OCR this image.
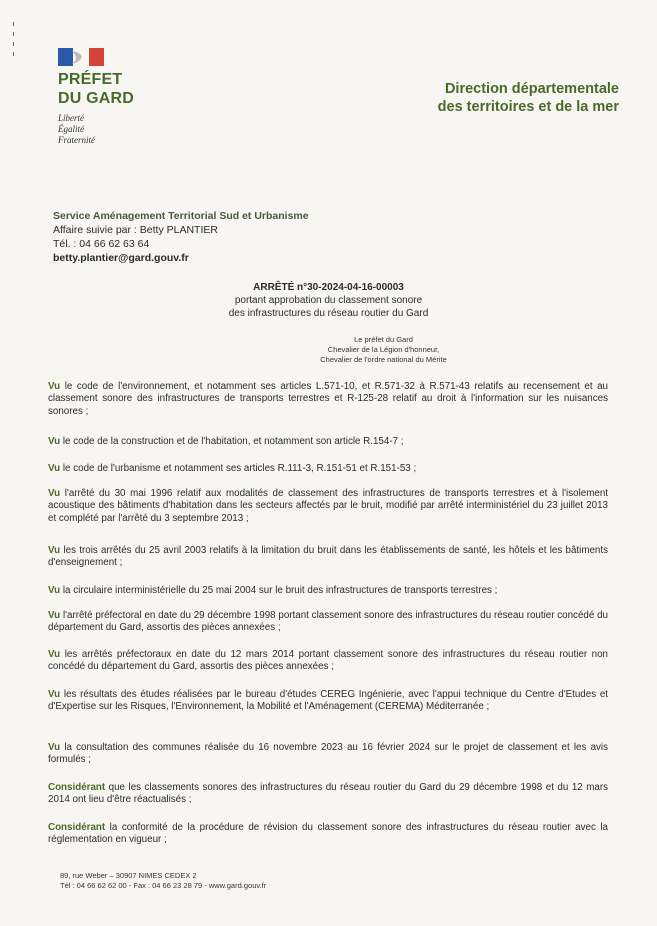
PRÉFET
DU GARD
Liberté
Égalité
Fraternité
Direction départementale
des territoires et de la mer
Service Aménagement Territorial Sud et Urbanisme
Affaire suivie par : Betty PLANTIER
Tél. : 04 66 62 63 64
betty.plantier@gard.gouv.fr
ARRÊTÉ n°30-2024-04-16-00003
portant approbation du classement sonore
des infrastructures du réseau routier du Gard
Le préfet du Gard
Chevalier de la Légion d'honneur,
Chevalier de l'ordre national du Mérite

Vu le code de l'environnement, et notamment ses articles L.571-10, et R.571-32 à R.571-43 relatifs au recensement et au classement sonore des infrastructures de transports terrestres et R-125-28 relatif au droit à l'information sur les nuisances sonores ;

Vu le code de la construction et de l'habitation, et notamment son article R.154-7 ;

Vu le code de l'urbanisme et notamment ses articles R.111-3, R.151-51 et R.151-53 ;

Vu l'arrêté du 30 mai 1996 relatif aux modalités de classement des infrastructures de transports terrestres et à l'isolement acoustique des bâtiments d'habitation dans les secteurs affectés par le bruit, modifié par arrêté interministériel du 23 juillet 2013 et complété par l'arrêté du 3 septembre 2013 ;

Vu les trois arrêtés du 25 avril 2003 relatifs à la limitation du bruit dans les établissements de santé, les hôtels et les bâtiments d'enseignement ;

Vu la circulaire interministérielle du 25 mai 2004 sur le bruit des infrastructures de transports terrestres ;

Vu l'arrêté préfectoral en date du 29 décembre 1998 portant classement sonore des infrastructures du réseau routier concédé du département du Gard, assortis des pièces annexées ;

Vu les arrêtés préfectoraux en date du 12 mars 2014 portant classement sonore des infrastructures du réseau routier non concédé du département du Gard, assortis des pièces annexées ;

Vu les résultats des études réalisées par le bureau d'études CEREG Ingénierie, avec l'appui technique du Centre d'Etudes et d'Expertise sur les Risques, l'Environnement, la Mobilité et l'Aménagement (CEREMA) Méditerranée ;

Vu la consultation des communes réalisée du 16 novembre 2023 au 16 février 2024 sur le projet de classement et les avis formulés ;

Considérant que les classements sonores des infrastructures du réseau routier du Gard du 29 décembre 1998 et du 12 mars 2014 ont lieu d'être réactualisés ;

Considérant la conformité de la procédure de révision du classement sonore des infrastructures du réseau routier avec la réglementation en vigueur ;

89, rue Weber – 30907 NIMES CEDEX 2
Tél : 04 66 62 62 00 - Fax : 04 66 23 28 79 - www.gard.gouv.fr
